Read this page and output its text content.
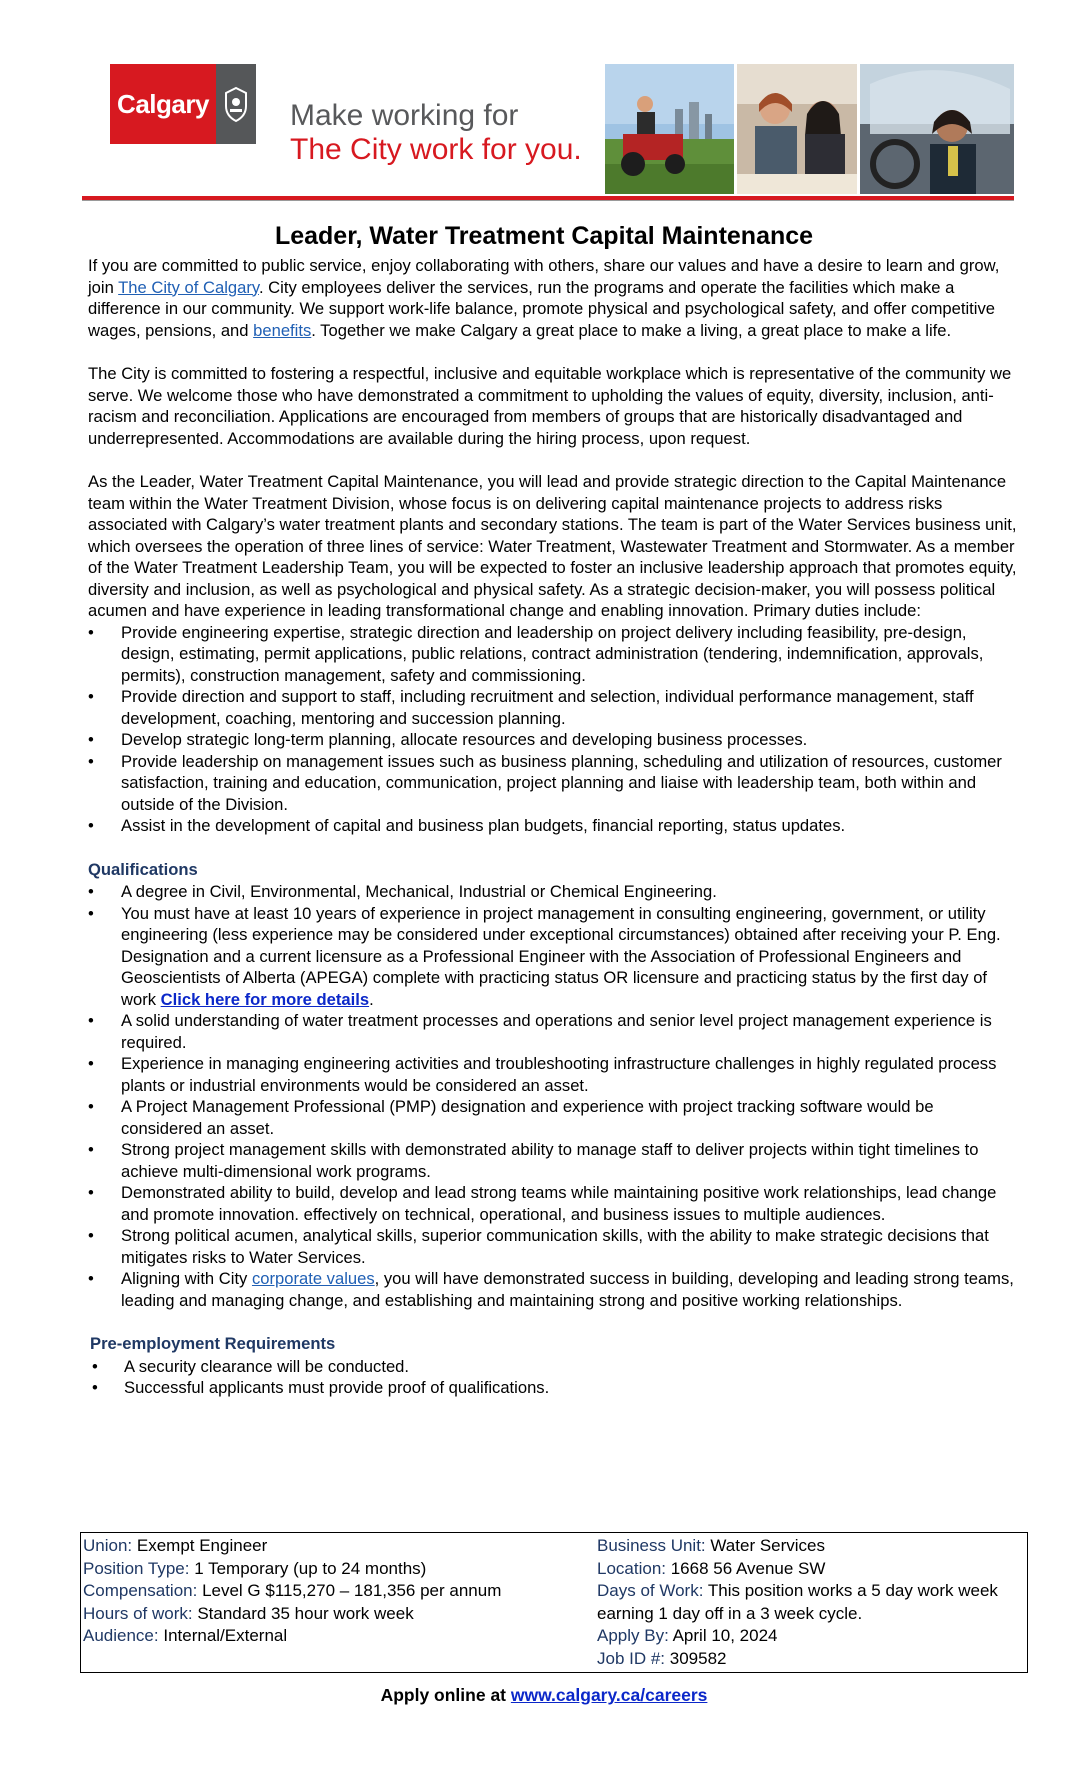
Calgary	Make working for
The City work for you.
Leader, Water Treatment Capital Maintenance

If you are committed to public service, enjoy collaborating with others, share our values and have a desire to learn and grow, join The City of Calgary. City employees deliver the services, run the programs and operate the facilities which make a difference in our community. We support work-life balance, promote physical and psychological safety, and offer competitive wages, pensions, and benefits. Together we make Calgary a great place to make a living, a great place to make a life.

The City is committed to fostering a respectful, inclusive and equitable workplace which is representative of the community we serve. We welcome those who have demonstrated a commitment to upholding the values of equity, diversity, inclusion, anti-racism and reconciliation. Applications are encouraged from members of groups that are historically disadvantaged and underrepresented. Accommodations are available during the hiring process, upon request.

As the Leader, Water Treatment Capital Maintenance, you will lead and provide strategic direction to the Capital Maintenance team within the Water Treatment Division, whose focus is on delivering capital maintenance projects to address risks associated with Calgary’s water treatment plants and secondary stations. The team is part of the Water Services business unit, which oversees the operation of three lines of service: Water Treatment, Wastewater Treatment and Stormwater. As a member of the Water Treatment Leadership Team, you will be expected to foster an inclusive leadership approach that promotes equity, diversity and inclusion, as well as psychological and physical safety. As a strategic decision-maker, you will possess political acumen and have experience in leading transformational change and enabling innovation. Primary duties include:
•	Provide engineering expertise, strategic direction and leadership on project delivery including feasibility, pre-design, design, estimating, permit applications, public relations, contract administration (tendering, indemnification, approvals, permits), construction management, safety and commissioning.
•	Provide direction and support to staff, including recruitment and selection, individual performance management, staff development, coaching, mentoring and succession planning.
•	Develop strategic long-term planning, allocate resources and developing business processes.
•	Provide leadership on management issues such as business planning, scheduling and utilization of resources, customer satisfaction, training and education, communication, project planning and liaise with leadership team, both within and outside of the Division.
•	Assist in the development of capital and business plan budgets, financial reporting, status updates.
Qualifications
•	A degree in Civil, Environmental, Mechanical, Industrial or Chemical Engineering.
•	You must have at least 10 years of experience in project management in consulting engineering, government, or utility engineering (less experience may be considered under exceptional circumstances) obtained after receiving your P. Eng. Designation and a current licensure as a Professional Engineer with the Association of Professional Engineers and Geoscientists of Alberta (APEGA) complete with practicing status OR licensure and practicing status by the first day of work Click here for more details.
•	A solid understanding of water treatment processes and operations and senior level project management experience is required.
•	Experience in managing engineering activities and troubleshooting infrastructure challenges in highly regulated process plants or industrial environments would be considered an asset.
•	A Project Management Professional (PMP) designation and experience with project tracking software would be considered an asset.
•	Strong project management skills with demonstrated ability to manage staff to deliver projects within tight timelines to achieve multi-dimensional work programs.
•	Demonstrated ability to build, develop and lead strong teams while maintaining positive work relationships, lead change and promote innovation. effectively on technical, operational, and business issues to multiple audiences.
•	Strong political acumen, analytical skills, superior communication skills, with the ability to make strategic decisions that mitigates risks to Water Services.
•	Aligning with City corporate values, you will have demonstrated success in building, developing and leading strong teams, leading and managing change, and establishing and maintaining strong and positive working relationships.
Pre-employment Requirements
•	A security clearance will be conducted.
•	Successful applicants must provide proof of qualifications.
Union: Exempt Engineer
Position Type: 1 Temporary (up to 24 months)
Compensation: Level G $115,270 – 181,356 per annum
Hours of work: Standard 35 hour work week
Audience: Internal/External

Business Unit: Water Services
Location: 1668 56 Avenue SW
Days of Work: This position works a 5 day work week earning 1 day off in a 3 week cycle.
Apply By: April 10, 2024
Job ID #: 309582
Apply online at www.calgary.ca/careers
